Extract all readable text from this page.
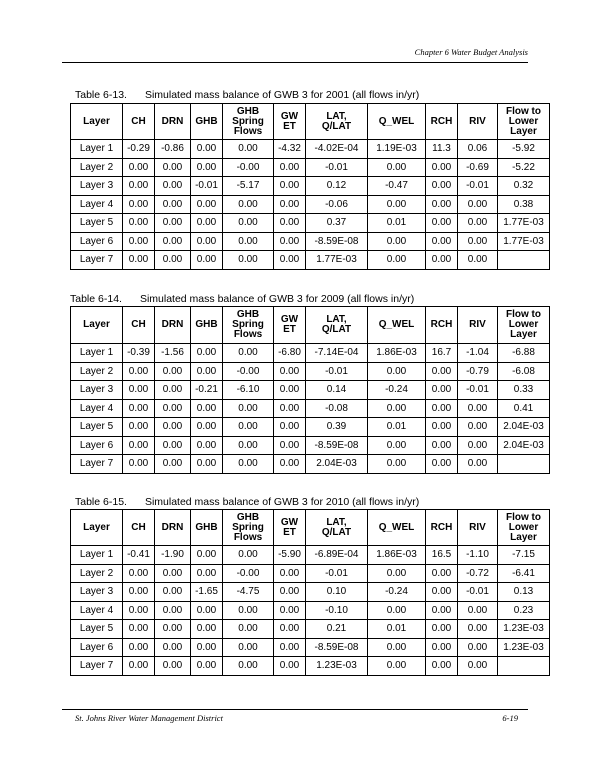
Chapter 6 Water Budget Analysis
Table 6-13. Simulated mass balance of GWB 3 for 2001 (all flows in/yr)
Layer	CH	DRN	GHB	GHB
Spring
Flows	GW
ET	LAT,
Q/LAT	Q_WEL	RCH	RIV	Flow to
Lower
Layer
Layer 1	-0.29	-0.86	0.00	0.00	-4.32	-4.02E-04	1.19E-03	11.3	0.06	-5.92
Layer 2	0.00	0.00	0.00	-0.00	0.00	-0.01	0.00	0.00	-0.69	-5.22
Layer 3	0.00	0.00	-0.01	-5.17	0.00	0.12	-0.47	0.00	-0.01	0.32
Layer 4	0.00	0.00	0.00	0.00	0.00	-0.06	0.00	0.00	0.00	0.38
Layer 5	0.00	0.00	0.00	0.00	0.00	0.37	0.01	0.00	0.00	1.77E-03
Layer 6	0.00	0.00	0.00	0.00	0.00	-8.59E-08	0.00	0.00	0.00	1.77E-03
Layer 7	0.00	0.00	0.00	0.00	0.00	1.77E-03	0.00	0.00	0.00	
Table 6-14. Simulated mass balance of GWB 3 for 2009 (all flows in/yr)
Layer	CH	DRN	GHB	GHB
Spring
Flows	GW
ET	LAT,
Q/LAT	Q_WEL	RCH	RIV	Flow to
Lower
Layer
Layer 1	-0.39	-1.56	0.00	0.00	-6.80	-7.14E-04	1.86E-03	16.7	-1.04	-6.88
Layer 2	0.00	0.00	0.00	-0.00	0.00	-0.01	0.00	0.00	-0.79	-6.08
Layer 3	0.00	0.00	-0.21	-6.10	0.00	0.14	-0.24	0.00	-0.01	0.33
Layer 4	0.00	0.00	0.00	0.00	0.00	-0.08	0.00	0.00	0.00	0.41
Layer 5	0.00	0.00	0.00	0.00	0.00	0.39	0.01	0.00	0.00	2.04E-03
Layer 6	0.00	0.00	0.00	0.00	0.00	-8.59E-08	0.00	0.00	0.00	2.04E-03
Layer 7	0.00	0.00	0.00	0.00	0.00	2.04E-03	0.00	0.00	0.00	
Table 6-15. Simulated mass balance of GWB 3 for 2010 (all flows in/yr)
Layer	CH	DRN	GHB	GHB
Spring
Flows	GW
ET	LAT,
Q/LAT	Q_WEL	RCH	RIV	Flow to
Lower
Layer
Layer 1	-0.41	-1.90	0.00	0.00	-5.90	-6.89E-04	1.86E-03	16.5	-1.10	-7.15
Layer 2	0.00	0.00	0.00	-0.00	0.00	-0.01	0.00	0.00	-0.72	-6.41
Layer 3	0.00	0.00	-1.65	-4.75	0.00	0.10	-0.24	0.00	-0.01	0.13
Layer 4	0.00	0.00	0.00	0.00	0.00	-0.10	0.00	0.00	0.00	0.23
Layer 5	0.00	0.00	0.00	0.00	0.00	0.21	0.01	0.00	0.00	1.23E-03
Layer 6	0.00	0.00	0.00	0.00	0.00	-8.59E-08	0.00	0.00	0.00	1.23E-03
Layer 7	0.00	0.00	0.00	0.00	0.00	1.23E-03	0.00	0.00	0.00	
St. Johns River Water Management District	6-19
